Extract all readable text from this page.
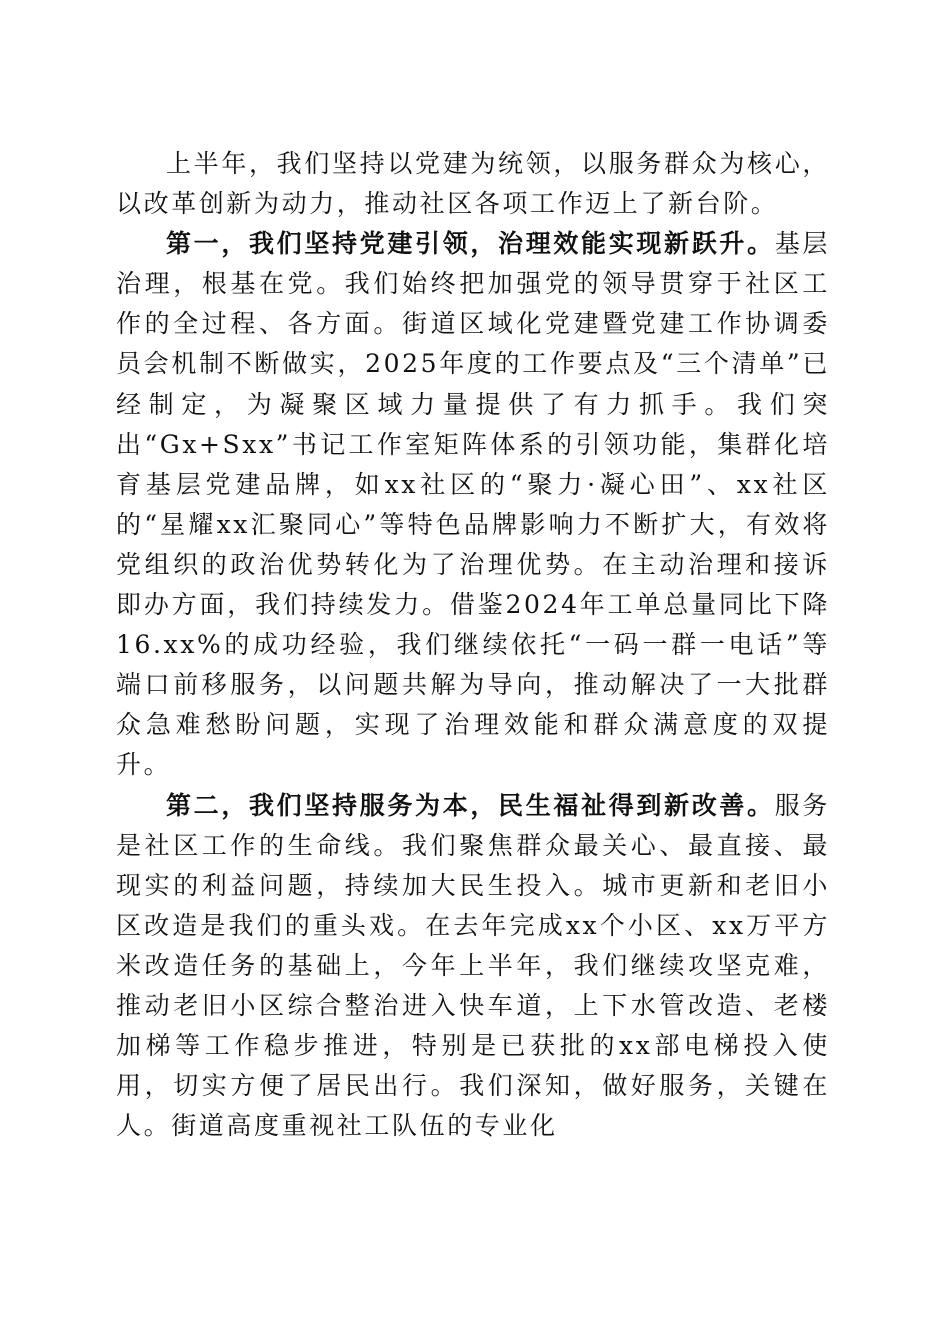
上半年，我们坚持以党建为统领，以服务群众为核心，以改革创新为动力，推动社区各项工作迈上了新台阶。

第一，我们坚持党建引领，治理效能实现新跃升。基层治理，根基在党。我们始终把加强党的领导贯穿于社区工作的全过程、各方面。街道区域化党建暨党建工作协调委员会机制不断做实，2025年度的工作要点及“三个清单”已经制定，为凝聚区域力量提供了有力抓手。我们突出“Gx+Sxx”书记工作室矩阵体系的引领功能，集群化培育基层党建品牌，如xx社区的“聚力·凝心田”、xx社区的“星耀xx汇聚同心”等特色品牌影响力不断扩大，有效将党组织的政治优势转化为了治理优势。在主动治理和接诉即办方面，我们持续发力。借鉴2024年工单总量同比下降16.xx%的成功经验，我们继续依托“一码一群一电话”等端口前移服务，以问题共解为导向，推动解决了一大批群众急难愁盼问题，实现了治理效能和群众满意度的双提升。

第二，我们坚持服务为本，民生福祉得到新改善。服务是社区工作的生命线。我们聚焦群众最关心、最直接、最现实的利益问题，持续加大民生投入。城市更新和老旧小区改造是我们的重头戏。在去年完成xx个小区、xx万平方米改造任务的基础上，今年上半年，我们继续攻坚克难，推动老旧小区综合整治进入快车道，上下水管改造、老楼加梯等工作稳步推进，特别是已获批的xx部电梯投入使用，切实方便了居民出行。我们深知，做好服务，关键在人。街道高度重视社工队伍的专业化
